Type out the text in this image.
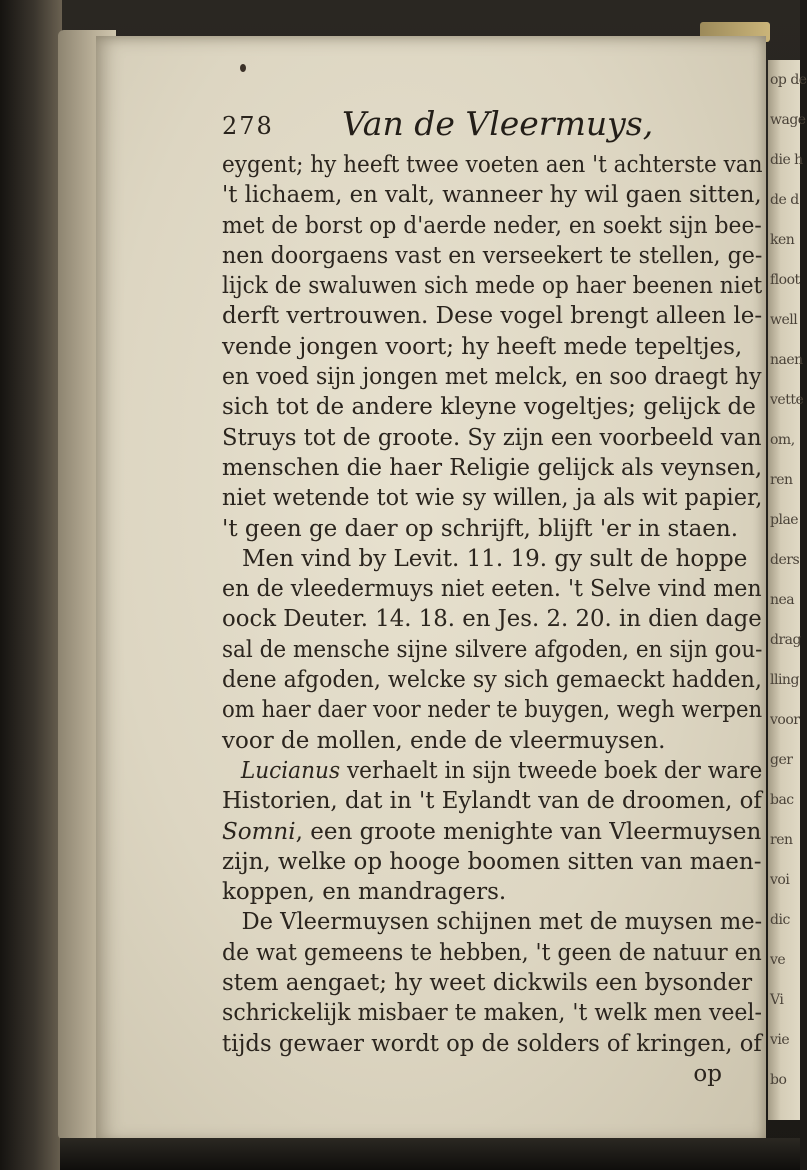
278 Van de Vleermuys,
eygent; hy heeft twee voeten aen 't achterste van
't lichaem, en valt, wanneer hy wil gaen sitten,
met de borst op d'aerde neder, en soekt sijn bee-
nen doorgaens vast en verseekert te stellen, ge-
lijck de swaluwen sich mede op haer beenen niet
derft vertrouwen. Dese vogel brengt alleen le-
vende jongen voort; hy heeft mede tepeltjes,
en voed sijn jongen met melck, en soo draegt hy
sich tot de andere kleyne vogeltjes; gelijck de
Struys tot de groote. Sy zijn een voorbeeld van
menschen die haer Religie gelijck als veynsen,
niet wetende tot wie sy willen, ja als wit papier,
't geen ge daer op schrijft, blijft 'er in staen.
Men vind by Levit. 11. 19. gy sult de hoppe
en de vleedermuys niet eeten. 't Selve vind men
oock Deuter. 14. 18. en Jes. 2. 20. in dien dage
sal de mensche sijne silvere afgoden, en sijn gou-
dene afgoden, welcke sy sich gemaeckt hadden,
om haer daer voor neder te buygen, wegh werpen
voor de mollen, ende de vleermuysen.
Lucianus verhaelt in sijn tweede boek der ware
Historien, dat in 't Eylandt van de droomen, of
Somni, een groote menighte van Vleermuysen
zijn, welke op hooge boomen sitten van maen-
koppen, en mandragers.
De Vleermuysen schijnen met de muysen me-
de wat gemeens te hebben, 't geen de natuur en
stem aengaet; hy weet dickwils een bysonder
schrickelijk misbaer te maken, 't welk men veel-
tijds gewaer wordt op de solders of kringen, of
op
op de
wage
die h
de d
ken
floot
well
naen
vette
om,
ren
plae
ders
nea
drag
lling
voor
ger
bac
ren
voi
dic
ve
Vi
vie
bo
